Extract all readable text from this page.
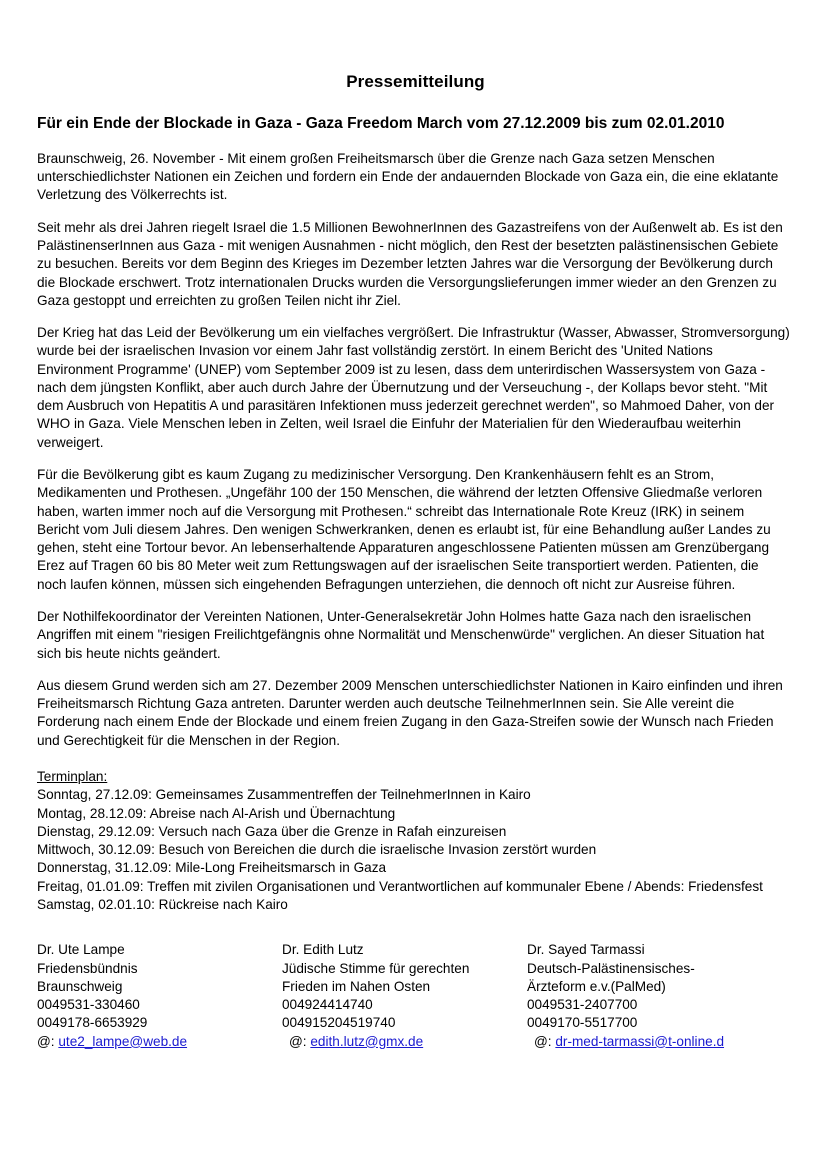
Pressemitteilung
Für ein Ende der Blockade in Gaza - Gaza Freedom March vom 27.12.2009 bis zum 02.01.2010

Braunschweig, 26. November - Mit einem großen Freiheitsmarsch über die Grenze nach Gaza setzen Menschen unterschiedlichster Nationen ein Zeichen und fordern ein Ende der andauernden Blockade von Gaza ein, die eine eklatante Verletzung des Völkerrechts ist.

Seit mehr als drei Jahren riegelt Israel die 1.5 Millionen BewohnerInnen des Gazastreifens von der Außenwelt ab. Es ist den PalästinenserInnen aus Gaza - mit wenigen Ausnahmen - nicht möglich, den Rest der besetzten palästinensischen Gebiete zu besuchen. Bereits vor dem Beginn des Krieges im Dezember letzten Jahres war die Versorgung der Bevölkerung durch die Blockade erschwert. Trotz internationalen Drucks wurden die Versorgungslieferungen immer wieder an den Grenzen zu Gaza gestoppt und erreichten zu großen Teilen nicht ihr Ziel.

Der Krieg hat das Leid der Bevölkerung um ein vielfaches vergrößert. Die Infrastruktur (Wasser, Abwasser, Stromversorgung) wurde bei der israelischen Invasion vor einem Jahr fast vollständig zerstört. In einem Bericht des 'United Nations Environment Programme' (UNEP) vom September 2009 ist zu lesen, dass dem unterirdischen Wassersystem von Gaza - nach dem jüngsten Konflikt, aber auch durch Jahre der Übernutzung und der Verseuchung -, der Kollaps bevor steht. "Mit dem Ausbruch von Hepatitis A und parasitären Infektionen muss jederzeit gerechnet werden", so Mahmoed Daher, von der WHO in Gaza. Viele Menschen leben in Zelten, weil Israel die Einfuhr der Materialien für den Wiederaufbau weiterhin verweigert.

Für die Bevölkerung gibt es kaum Zugang zu medizinischer Versorgung. Den Krankenhäusern fehlt es an Strom, Medikamenten und Prothesen. „Ungefähr 100 der 150 Menschen, die während der letzten Offensive Gliedmaße verloren haben, warten immer noch auf die Versorgung mit Prothesen.“ schreibt das Internationale Rote Kreuz (IRK) in seinem Bericht vom Juli diesem Jahres. Den wenigen Schwerkranken, denen es erlaubt ist, für eine Behandlung außer Landes zu gehen, steht eine Tortour bevor. An lebenserhaltende Apparaturen angeschlossene Patienten müssen am Grenzübergang Erez auf Tragen 60 bis 80 Meter weit zum Rettungswagen auf der israelischen Seite transportiert werden. Patienten, die noch laufen können, müssen sich eingehenden Befragungen unterziehen, die dennoch oft nicht zur Ausreise führen.

Der Nothilfekoordinator der Vereinten Nationen, Unter-Generalsekretär John Holmes hatte Gaza nach den israelischen Angriffen mit einem "riesigen Freilichtgefängnis ohne Normalität und Menschenwürde" verglichen. An dieser Situation hat sich bis heute nichts geändert.

Aus diesem Grund werden sich am 27. Dezember 2009 Menschen unterschiedlichster Nationen in Kairo einfinden und ihren Freiheitsmarsch Richtung Gaza antreten. Darunter werden auch deutsche TeilnehmerInnen sein. Sie Alle vereint die Forderung nach einem Ende der Blockade und einem freien Zugang in den Gaza-Streifen sowie der Wunsch nach Frieden und Gerechtigkeit für die Menschen in der Region.

Terminplan:

Sonntag, 27.12.09: Gemeinsames Zusammentreffen der TeilnehmerInnen in Kairo

Montag, 28.12.09: Abreise nach Al-Arish und Übernachtung

Dienstag, 29.12.09: Versuch nach Gaza über die Grenze in Rafah einzureisen

Mittwoch, 30.12.09: Besuch von Bereichen die durch die israelische Invasion zerstört wurden

Donnerstag, 31.12.09: Mile-Long Freiheitsmarsch in Gaza

Freitag, 01.01.09: Treffen mit zivilen Organisationen und Verantwortlichen auf kommunaler Ebene / Abends: Friedensfest

Samstag, 02.01.10: Rückreise nach Kairo

Dr. Ute Lampe

Friedensbündnis

Braunschweig

0049531-330460

0049178-6653929

@: ute2_lampe@web.de

Dr. Edith Lutz

Jüdische Stimme für gerechten

Frieden im Nahen Osten

004924414740

004915204519740

@: edith.lutz@gmx.de

Dr. Sayed Tarmassi

Deutsch-Palästinensisches-

Ärzteform e.v.(PalMed)

0049531-2407700

0049170-5517700

@: dr-med-tarmassi@t-online.d
